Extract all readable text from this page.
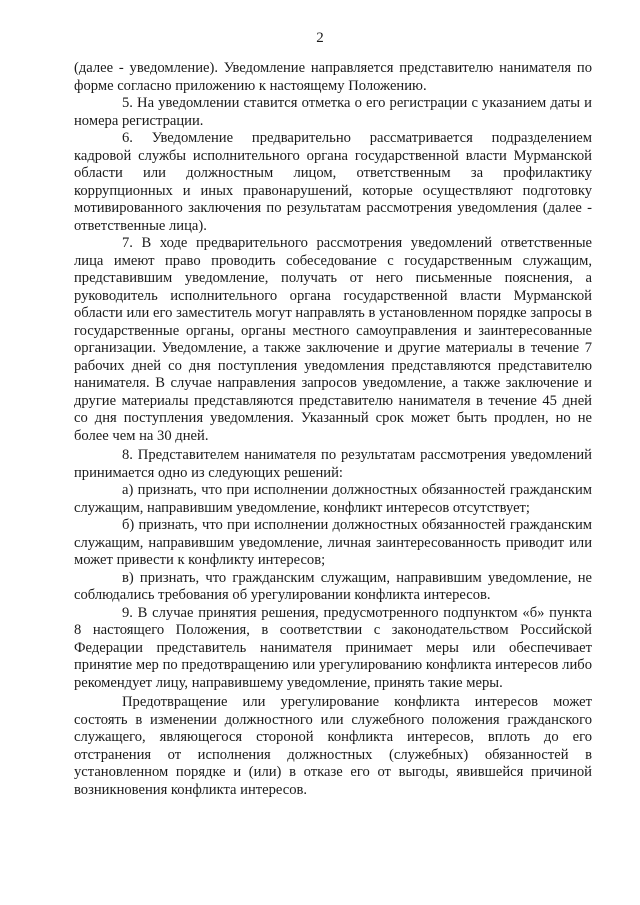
2

(далее - уведомление). Уведомление направляется представителю нанимателя по форме согласно приложению к настоящему Положению.

5. На уведомлении ставится отметка о его регистрации с указанием даты и номера регистрации.

6. Уведомление предварительно рассматривается подразделением кадровой службы исполнительного органа государственной власти Мурманской области или должностным лицом, ответственным за профилактику коррупционных и иных правонарушений, которые осуществляют подготовку мотивированного заключения по результатам рассмотрения уведомления (далее - ответственные лица).

7. В ходе предварительного рассмотрения уведомлений ответственные лица имеют право проводить собеседование с государственным служащим, представившим уведомление, получать от него письменные пояснения, а руководитель исполнительного органа государственной власти Мурманской области или его заместитель могут направлять в установленном порядке запросы в государственные органы, органы местного самоуправления и заинтересованные организации. Уведомление, а также заключение и другие материалы в течение 7 рабочих дней со дня поступления уведомления представляются представителю нанимателя. В случае направления запросов уведомление, а также заключение и другие материалы представляются представителю нанимателя в течение 45 дней со дня поступления уведомления. Указанный срок может быть продлен, но не более чем на 30 дней.

8. Представителем нанимателя по результатам рассмотрения уведомлений принимается одно из следующих решений:

а) признать, что при исполнении должностных обязанностей гражданским служащим, направившим уведомление, конфликт интересов отсутствует;

б) признать, что при исполнении должностных обязанностей гражданским служащим, направившим уведомление, личная заинтересованность приводит или может привести к конфликту интересов;

в) признать, что гражданским служащим, направившим уведомление, не соблюдались требования об урегулировании конфликта интересов.

9. В случае принятия решения, предусмотренного подпунктом «б» пункта 8 настоящего Положения, в соответствии с законодательством Российской Федерации представитель нанимателя принимает меры или обеспечивает принятие мер по предотвращению или урегулированию конфликта интересов либо рекомендует лицу, направившему уведомление, принять такие меры.

Предотвращение или урегулирование конфликта интересов может состоять в изменении должностного или служебного положения гражданского служащего, являющегося стороной конфликта интересов, вплоть до его отстранения от исполнения должностных (служебных) обязанностей в установленном порядке и (или) в отказе его от выгоды, явившейся причиной возникновения конфликта интересов.
